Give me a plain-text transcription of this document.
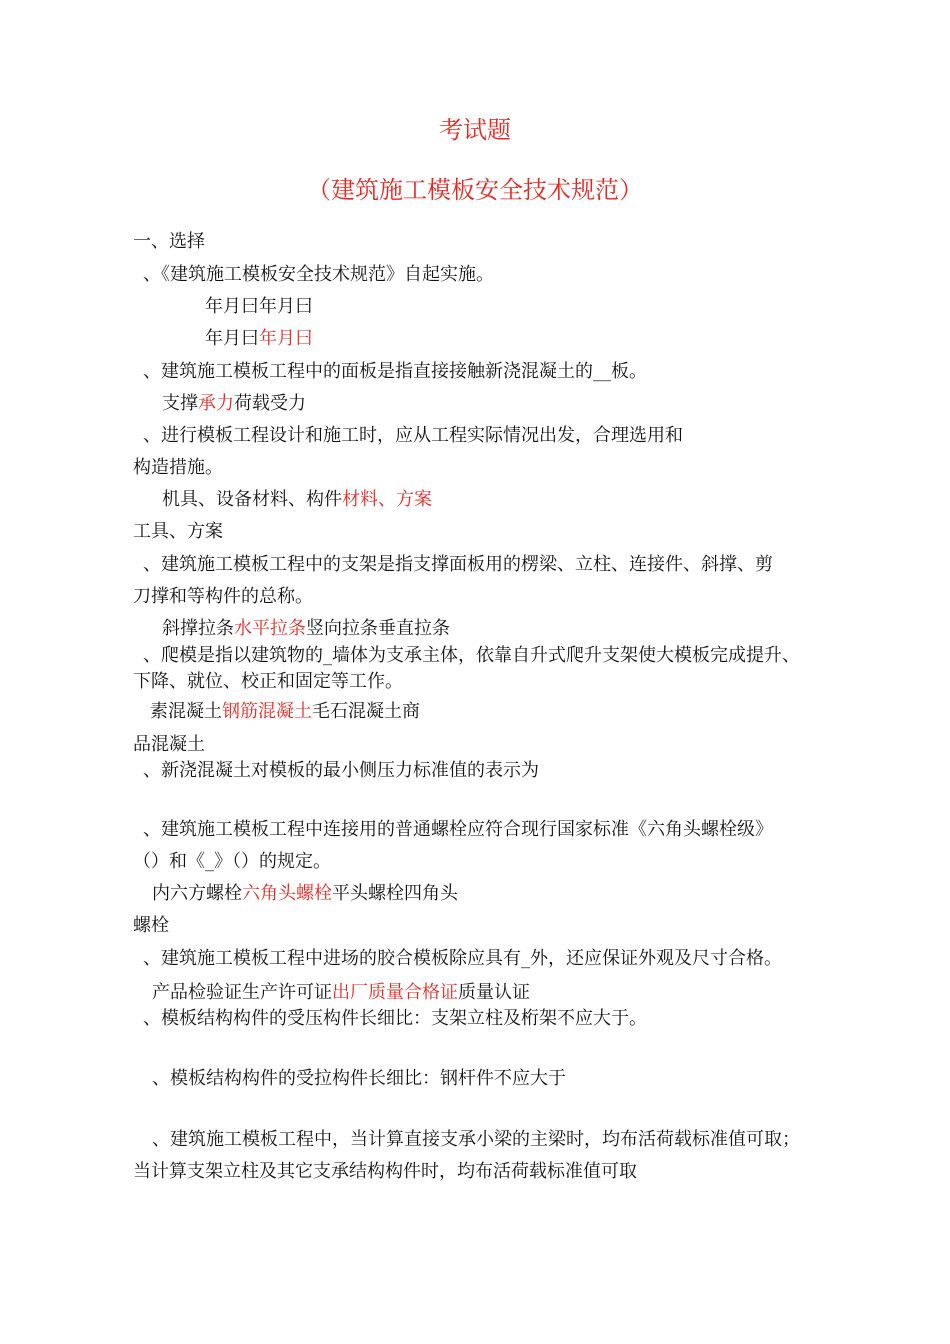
考试题
（建筑施工模板安全技术规范）
一、选择
、《建筑施工模板安全技术规范》自起实施。
年月曰年月曰
年月曰年月曰
、建筑施工模板工程中的面板是指直接接触新浇混凝土的__板。
支撑承力荷载受力
、进行模板工程设计和施工时，应从工程实际情况出发，合理选用和
构造措施。
机具、设备材料、构件材料、方案
工具、方案
、建筑施工模板工程中的支架是指支撑面板用的楞梁、立柱、连接件、斜撑、剪
刀撑和等构件的总称。
斜撑拉条水平拉条竖向拉条垂直拉条
、爬模是指以建筑物的_墙体为支承主体，依靠自升式爬升支架使大模板完成提升、
下降、就位、校正和固定等工作。
素混凝土钢筋混凝土毛石混凝土商
品混凝土
、新浇混凝土对模板的最小侧压力标准值的表示为
、建筑施工模板工程中连接用的普通螺栓应符合现行国家标准《六角头螺栓级》
（）和《_》（）的规定。
内六方螺栓六角头螺栓平头螺栓四角头
螺栓
、建筑施工模板工程中进场的胶合模板除应具有_外，还应保证外观及尺寸合格。
产品检验证生产许可证出厂质量合格证质量认证
、模板结构构件的受压构件长细比：支架立柱及桁架不应大于。
、模板结构构件的受拉构件长细比：钢杆件不应大于
、建筑施工模板工程中，当计算直接支承小梁的主梁时，均布活荷载标准值可取；
当计算支架立柱及其它支承结构构件时，均布活荷载标准值可取
